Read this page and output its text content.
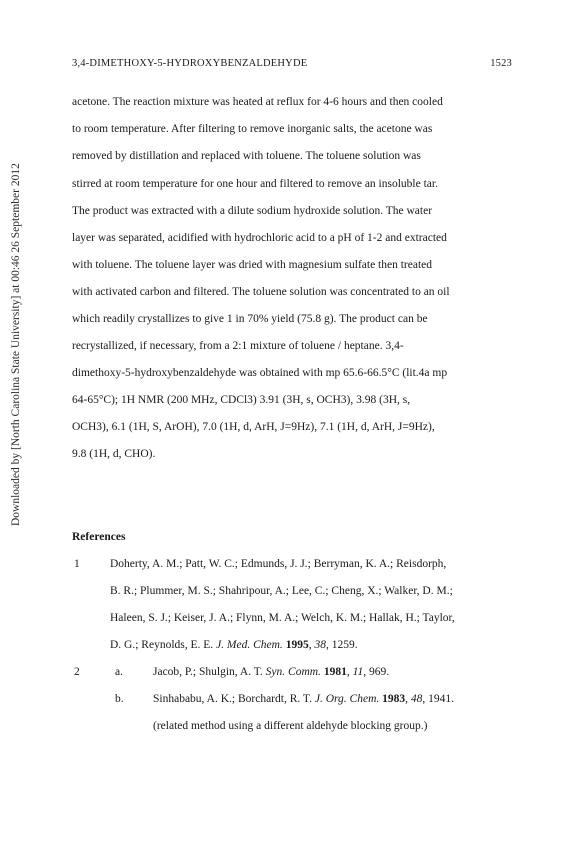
3,4-DIMETHOXY-5-HYDROXYBENZALDEHYDE	1523
Downloaded by [North Carolina State University] at 00:46 26 September 2012
acetone. The reaction mixture was heated at reflux for 4-6 hours and then cooled
to room temperature. After filtering to remove inorganic salts, the acetone was
removed by distillation and replaced with toluene. The toluene solution was
stirred at room temperature for one hour and filtered to remove an insoluble tar.
The product was extracted with a dilute sodium hydroxide solution. The water
layer was separated, acidified with hydrochloric acid to a pH of 1-2 and extracted
with toluene. The toluene layer was dried with magnesium sulfate then treated
with activated carbon and filtered. The toluene solution was concentrated to an oil
which readily crystallizes to give 1 in 70% yield (75.8 g). The product can be
recrystallized, if necessary, from a 2:1 mixture of toluene / heptane. 3,4-
dimethoxy-5-hydroxybenzaldehyde was obtained with mp 65.6-66.5°C (lit.4a mp
64-65°C); 1H NMR (200 MHz, CDCl3) 3.91 (3H, s, OCH3), 3.98 (3H, s,
OCH3), 6.1 (1H, S, ArOH), 7.0 (1H, d, ArH, J=9Hz), 7.1 (1H, d, ArH, J=9Hz),
9.8 (1H, d, CHO).
References
1	Doherty, A. M.; Patt, W. C.; Edmunds, J. J.; Berryman, K. A.; Reisdorph,
B. R.; Plummer, M. S.; Shahripour, A.; Lee, C.; Cheng, X.; Walker, D. M.;
Haleen, S. J.; Keiser, J. A.; Flynn, M. A.; Welch, K. M.; Hallak, H.; Taylor,
D. G.; Reynolds, E. E. J. Med. Chem. 1995, 38, 1259.
2	a.	Jacob, P.; Shulgin, A. T. Syn. Comm. 1981, 11, 969.
b.	Sinhababu, A. K.; Borchardt, R. T. J. Org. Chem. 1983, 48, 1941.
(related method using a different aldehyde blocking group.)
